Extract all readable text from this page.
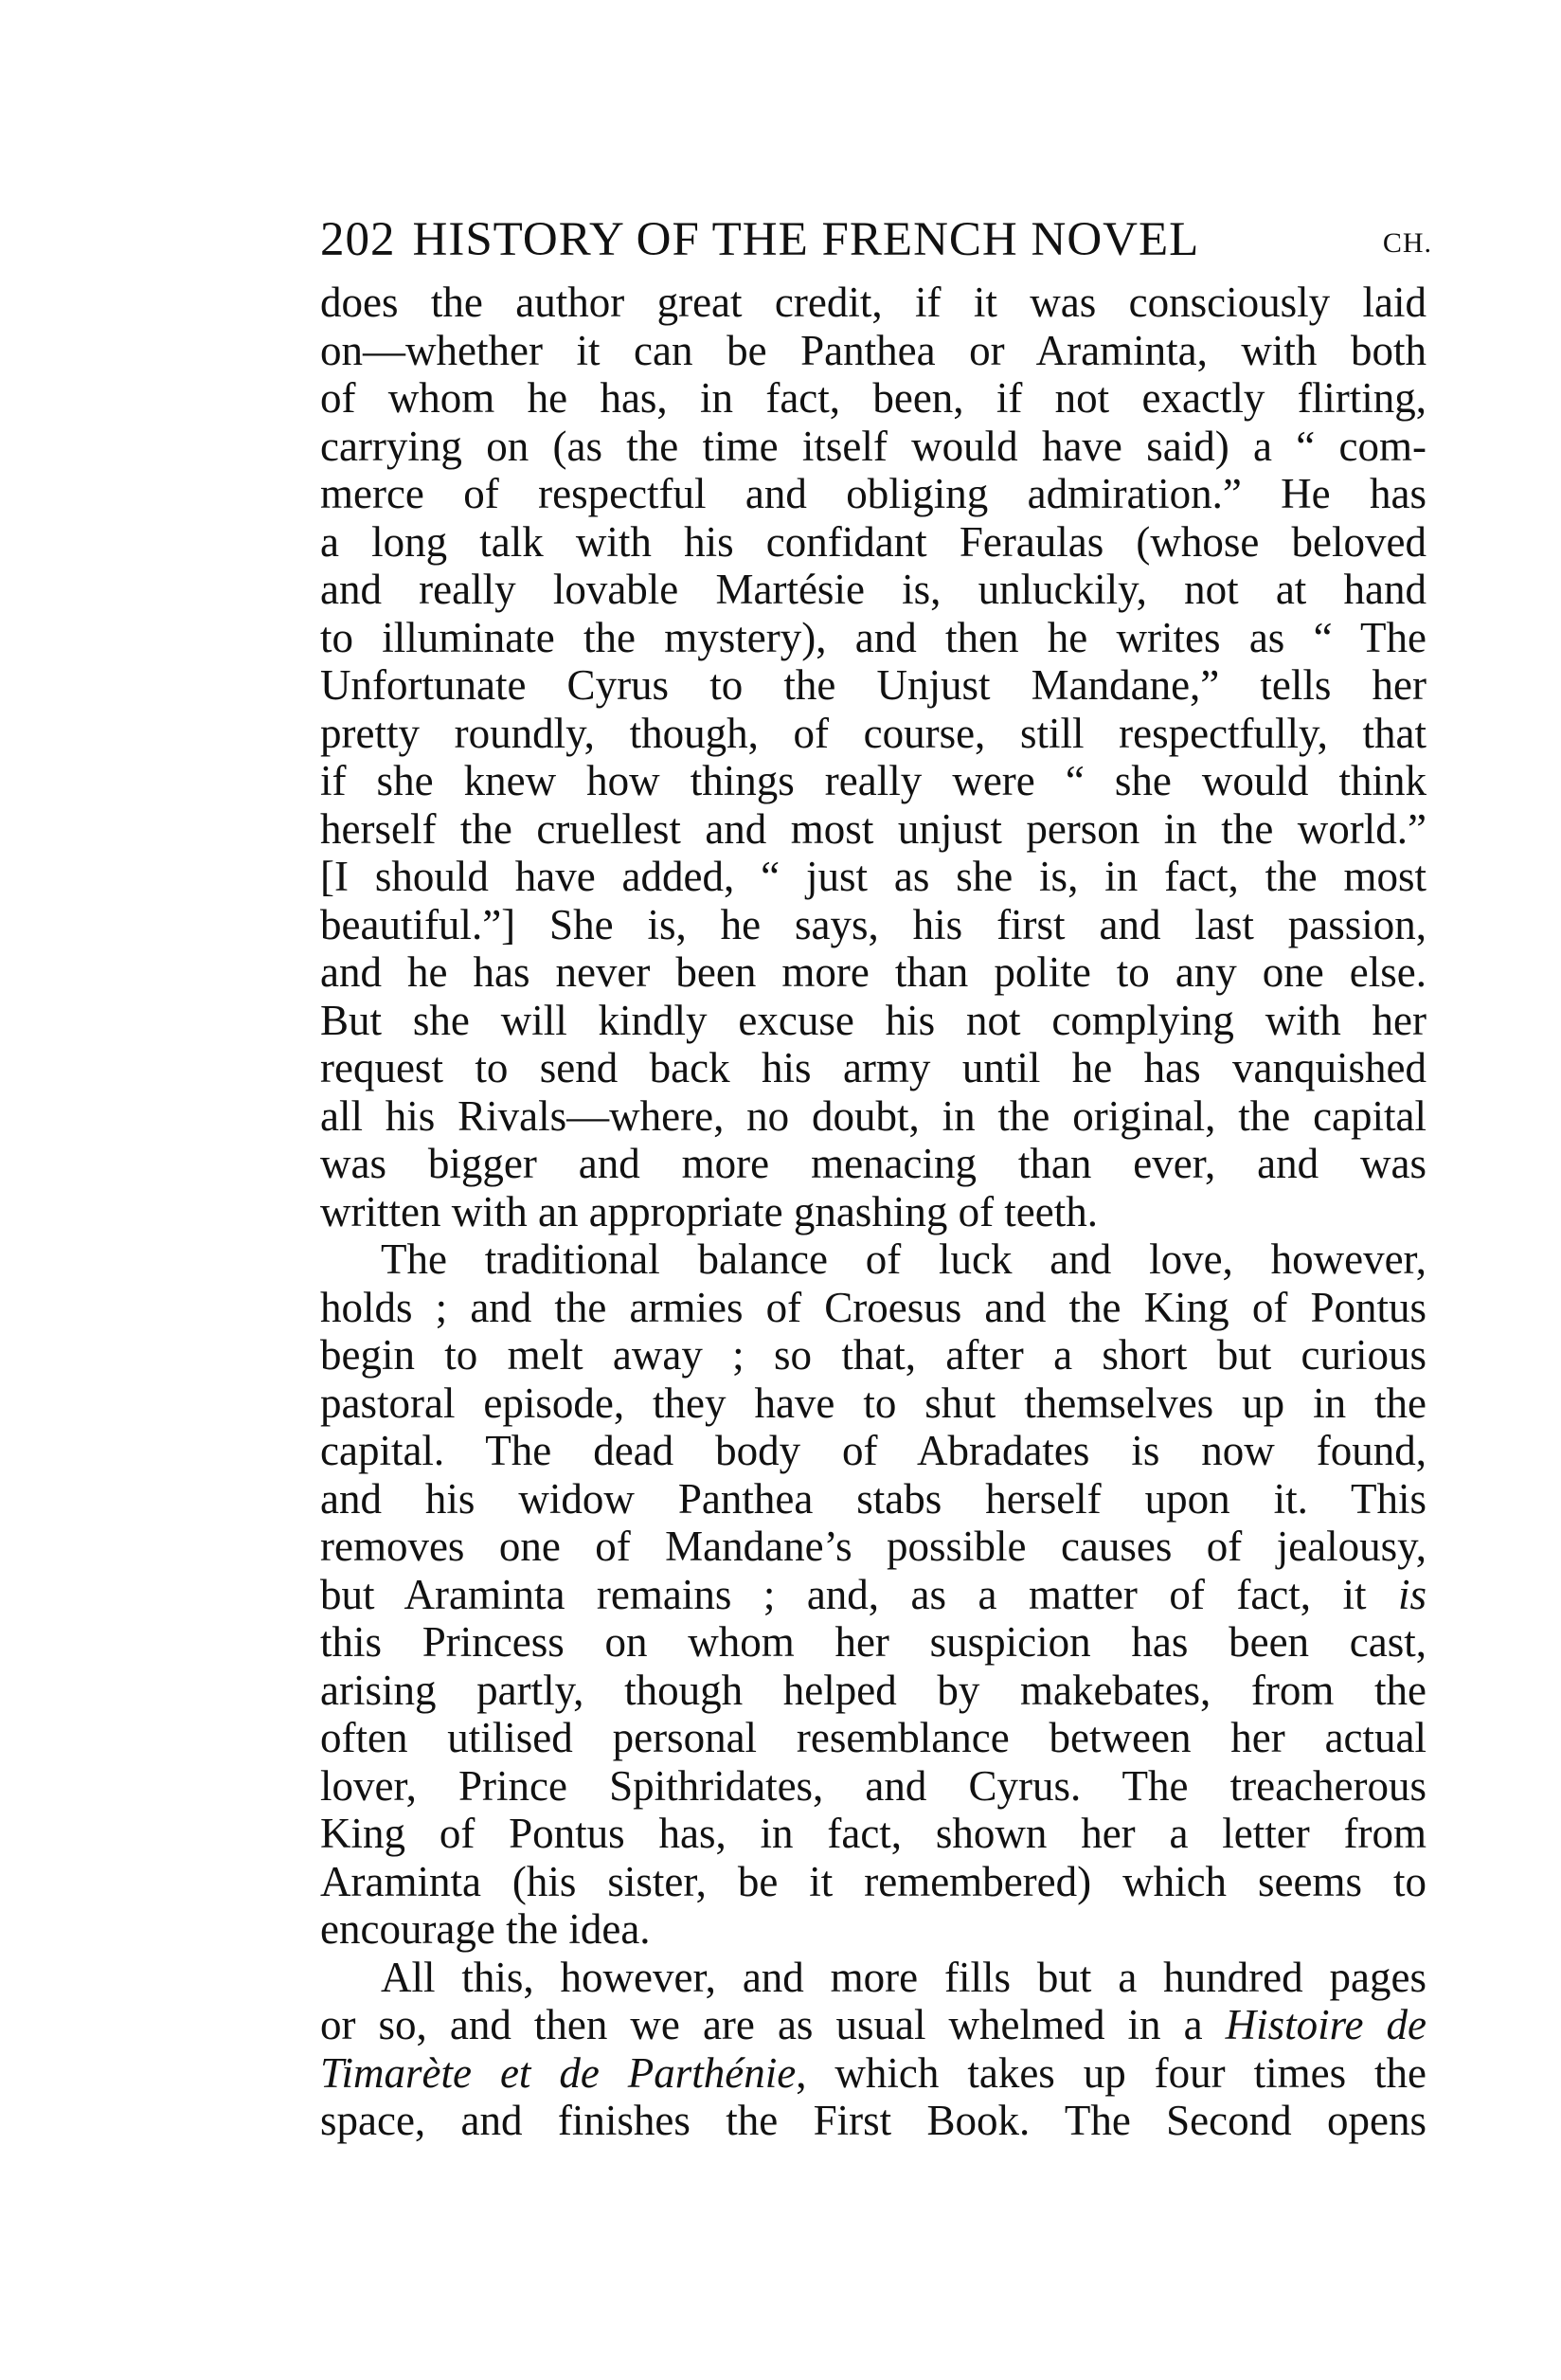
202 HISTORY OF THE FRENCH NOVEL	CH.
does the author great credit, if it was consciously laid
on—whether it can be Panthea or Araminta, with both
of whom he has, in fact, been, if not exactly flirting,
carrying on (as the time itself would have said) a “ com-
merce of respectful and obliging admiration.” He has
a long talk with his confidant Feraulas (whose beloved
and really lovable Martésie is, unluckily, not at hand
to illuminate the mystery), and then he writes as “ The
Unfortunate Cyrus to the Unjust Mandane,” tells her
pretty roundly, though, of course, still respectfully, that
if she knew how things really were “ she would think
herself the cruellest and most unjust person in the world.”
[I should have added, “ just as she is, in fact, the most
beautiful.”] She is, he says, his first and last passion,
and he has never been more than polite to any one else.
But she will kindly excuse his not complying with her
request to send back his army until he has vanquished
all his Rivals—where, no doubt, in the original, the capital
was bigger and more menacing than ever, and was
written with an appropriate gnashing of teeth.
The traditional balance of luck and love, however,
holds ; and the armies of Croesus and the King of Pontus
begin to melt away ; so that, after a short but curious
pastoral episode, they have to shut themselves up in the
capital. The dead body of Abradates is now found,
and his widow Panthea stabs herself upon it. This
removes one of Mandane’s possible causes of jealousy,
but Araminta remains ; and, as a matter of fact, it is
this Princess on whom her suspicion has been cast,
arising partly, though helped by makebates, from the
often utilised personal resemblance between her actual
lover, Prince Spithridates, and Cyrus. The treacherous
King of Pontus has, in fact, shown her a letter from
Araminta (his sister, be it remembered) which seems to
encourage the idea.
All this, however, and more fills but a hundred pages
or so, and then we are as usual whelmed in a Histoire de
Timarète et de Parthénie, which takes up four times the
space, and finishes the First Book. The Second opens
